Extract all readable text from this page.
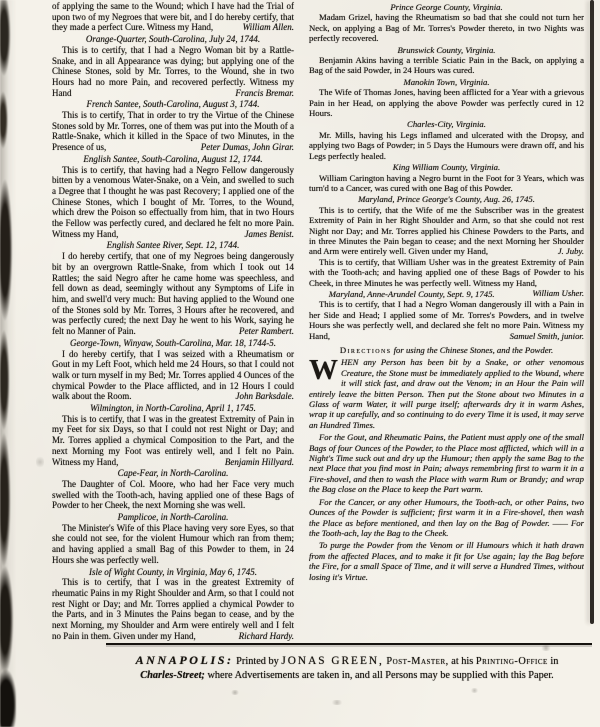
of applying the same to the Wound; which I have had the Trial of upon two of my Negroes that were bit, and I do hereby certify, that they made a perfect Cure. Witness my Hand,	William Allen.

Orange-Quarter, South-Carolina, July 24, 1744.

This is to certify, that I had a Negro Woman bit by a Rattle-Snake, and in all Appearance was dying; but applying one of the Chinese Stones, sold by Mr. Torres, to the Wound, she in two Hours had no more Pain, and recovered perfectly. Witness my Hand	Francis Bremar.

French Santee, South-Carolina, August 3, 1744.

This is to certify, That in order to try the Virtue of the Chinese Stones sold by Mr. Torres, one of them was put into the Mouth of a Rattle-Snake, which it killed in the Space of two Minutes, in the Presence of us,	Peter Dumas, John Girar.

English Santee, South-Carolina, August 12, 1744.

This is to certify, that having had a Negro Fellow dangerously bitten by a venomous Water-Snake, on a Vein, and swelled to such a Degree that I thought he was past Recovery; I applied one of the Chinese Stones, which I bought of Mr. Torres, to the Wound, which drew the Poison so effectually from him, that in two Hours the Fellow was perfectly cured, and declared he felt no more Pain. Witness my Hand,	James Benist.

English Santee River, Sept. 12, 1744.

I do hereby certify, that one of my Negroes being dangerously bit by an overgrown Rattle-Snake, from which I took out 14 Rattles; the said Negro after he came home was speechless, and fell down as dead, seemingly without any Symptoms of Life in him, and swell'd very much: But having applied to the Wound one of the Stones sold by Mr. Torres, 3 Hours after he recovered, and was perfectly cured; the next Day he went to his Work, saying he felt no Manner of Pain.	Peter Rambert.

George-Town, Winyaw, South-Carolina, Mar. 18, 1744-5.

I do hereby certify, that I was seized with a Rheumatism or Gout in my Left Foot, which held me 24 Hours, so that I could not walk or turn myself in my Bed; Mr. Torres applied 4 Ounces of the chymical Powder to the Place afflicted, and in 12 Hours I could walk about the Room.	John Barksdale.

Wilmington, in North-Carolina, April 1, 1745.

This is to certify, that I was in the greatest Extremity of Pain in my Feet for six Days, so that I could not rest Night or Day; and Mr. Torres applied a chymical Composition to the Part, and the next Morning my Foot was entirely well, and I felt no Pain. Witness my Hand,	Benjamin Hillyard.

Cape-Fear, in North-Carolina.

The Daughter of Col. Moore, who had her Face very much swelled with the Tooth-ach, having applied one of these Bags of Powder to her Cheek, the next Morning she was well.

Pamplicoe, in North-Carolina.

The Minister's Wife of this Place having very sore Eyes, so that she could not see, for the violent Humour which ran from them; and having applied a small Bag of this Powder to them, in 24 Hours she was perfectly well.

Isle of Wight County, in Virginia, May 6, 1745.

This is to certify, that I was in the greatest Extremity of rheumatic Pains in my Right Shoulder and Arm, so that I could not rest Night or Day; and Mr. Torres applied a chymical Powder to the Parts, and in 3 Minutes the Pains began to cease, and by the next Morning, my Shoulder and Arm were entirely well and I felt no Pain in them. Given under my Hand,	Richard Hardy.

Prince George County, Virginia.

Madam Grizel, having the Rheumatism so bad that she could not turn her Neck, on applying a Bag of Mr. Torres's Powder thereto, in two Nights was perfectly recovered.

Brunswick County, Virginia.

Benjamin Akins having a terrible Sciatic Pain in the Back, on applying a Bag of the said Powder, in 24 Hours was cured.

Manokin Town, Virginia.

The Wife of Thomas Jones, having been afflicted for a Year with a grievous Pain in her Head, on applying the above Powder was perfectly cured in 12 Hours.

Charles-City, Virginia.

Mr. Mills, having his Legs inflamed and ulcerated with the Dropsy, and applying two Bags of Powder; in 5 Days the Humours were drawn off, and his Legs perfectly healed.

King William County, Virginia.

William Carington having a Negro burnt in the Foot for 3 Years, which was turn'd to a Cancer, was cured with one Bag of this Powder.

Maryland, Prince George's County, Aug. 26, 1745.

This is to certify, that the Wife of me the Subscriber was in the greatest Extremity of Pain in her Right Shoulder and Arm, so that she could not rest Night nor Day; and Mr. Torres applied his Chinese Powders to the Parts, and in three Minutes the Pain began to cease; and the next Morning her Shoulder and Arm were entirely well. Given under my Hand,	J. Juby.

This is to certify, that William Usher was in the greatest Extremity of Pain with the Tooth-ach; and having applied one of these Bags of Powder to his Cheek, in three Minutes he was perfectly well. Witness my Hand,
William Usher.

Maryland, Anne-Arundel County, Sept. 9, 1745.

This is to certify, that I had a Negro Woman dangerously ill with a Pain in her Side and Head; I applied some of Mr. Torres's Powders, and in twelve Hours she was perfectly well, and declared she felt no more Pain. Witness my Hand,	Samuel Smith, junior.

Directions for using the Chinese Stones, and the Powder.

WHEN any Person has been bit by a Snake, or other venomous Creature, the Stone must be immediately applied to the Wound, where it will stick fast, and draw out the Venom; in an Hour the Pain will entirely leave the bitten Person. Then put the Stone about two Minutes in a Glass of warm Water, it will purge itself; afterwards dry it in warm Ashes, wrap it up carefully, and so continuing to do every Time it is used, it may serve an Hundred Times.

For the Gout, and Rheumatic Pains, the Patient must apply one of the small Bags of four Ounces of the Powder, to the Place most afflicted, which will in a Night's Time suck out and dry up the Humour; then apply the same Bag to the next Place that you find most in Pain; always remembring first to warm it in a Fire-shovel, and then to wash the Place with warm Rum or Brandy; and wrap the Bag close on the Place to keep the Part warm.

For the Cancer, or any other Humours, the Tooth-ach, or other Pains, two Ounces of the Powder is sufficient; first warm it in a Fire-shovel, then wash the Place as before mentioned, and then lay on the Bag of Powder. —— For the Tooth-ach, lay the Bag to the Cheek.

To purge the Powder from the Venom or ill Humours which it hath drawn from the affected Places, and to make it fit for Use again; lay the Bag before the Fire, for a small Space of Time, and it will serve a Hundred Times, without losing it's Virtue.

ANNAPOLIS: Printed by JONAS GREEN, Post-Master, at his Printing-Office in
Charles-Street; where Advertisements are taken in, and all Persons may be supplied with this Paper.
